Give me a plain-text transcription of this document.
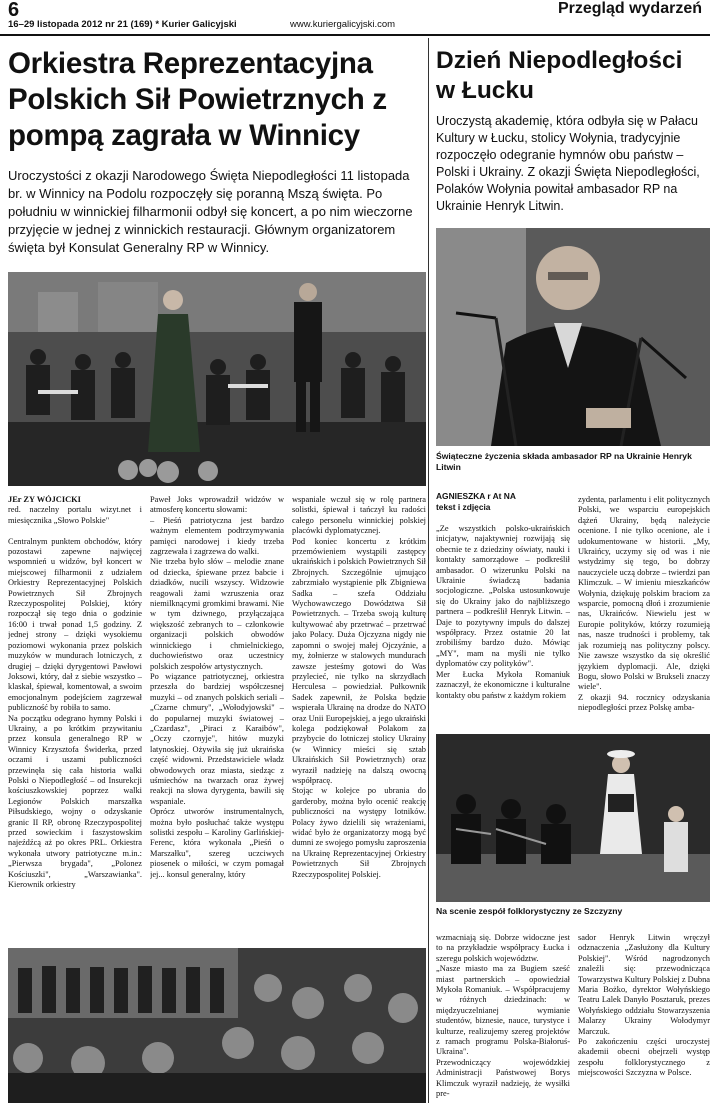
6
16–29 listopada 2012 nr 21 (169) * Kurier Galicyjski	www.kuriergalicyjski.com
Przegląd wydarzeń
Orkiestra Reprezentacyjna Polskich Sił Powietrznych z pompą zagrała w Winnicy
Uroczystości z okazji Narodowego Święta Niepodległości 11 listopada br. w Winnicy na Podolu rozpoczęły się poranną Mszą święta. Po południu w winnickiej filharmonii odbył się koncert, a po nim wieczorne przyjęcie w jednej z winnickich restauracji. Głównym organizatorem święta był Konsulat Generalny RP w Winnicy.
JEr ZY WÓJCICKI
red. naczelny portalu wizyt.net i miesięcznika „Słowo Polskie"

Centralnym punktem obchodów, który pozostawi zapewne najwięcej wspomnień u widzów, był koncert w miejscowej filharmonii z udziałem Orkiestry Reprezentacyjnej Polskich Powietrznych Sił Zbrojnych Rzeczypospolitej Polskiej, który rozpoczął się tego dnia o godzinie 16:00 i trwał ponad 1,5 godziny. Z jednej strony – dzięki wysokiemu poziomowi wykonania przez polskich muzyków w mundurach lotniczych, z drugiej – dzięki dyrygentowi Pawłowi Joksowi, który, dał z siebie wszystko – klaskał, śpiewał, komentował, a swoim emocjonalnym podejściem zagrzewał publiczność by robiła to samo.
Na początku odegrano hymny Polski i Ukrainy, a po krótkim przywitaniu przez konsula generalnego RP w Winnicy Krzysztofa Świderka, przed oczami i uszami publiczności przewinęła się cała historia walki Polski o Niepodległość – od Insurekcji kościuszkowskiej poprzez walki Legionów Polskich marszałka Piłsudskiego, wojny o odzyskanie granic II RP, obronę Rzeczypospolitej przed sowieckim i faszystowskim najeźdźcą aż po okres PRL. Orkiestra wykonała utwory patriotyczne m.in.: „Pierwsza brygada", „Polonez Kościuszki", „Warszawianka". Kierownik orkiestry
Paweł Joks wprowadził widzów w atmosferę koncertu słowami:
– Pieśń patriotyczna jest bardzo ważnym elementem podtrzymywania pamięci narodowej i kiedy trzeba zagrzewała i zagrzewa do walki.
Nie trzeba było słów – melodie znane od dziecka, śpiewane przez babcie i dziadków, nucili wszyscy. Widzowie reagowali żami wzruszenia oraz niemilknącymi gromkimi brawami. Nie w tym dziwnego, przyłączająca większość zebranych to – członkowie organizacji polskich obwodów winnickiego i chmielnickiego, duchowieństwo oraz uczestnicy polskich zespołów artystycznych.
Po wiązance patriotycznej, orkiestra przeszła do bardziej współczesnej muzyki – od znanych polskich seriali – „Czarne chmury", „Wołodyjowski" – do popularnej muzyki światowej – „Czardasz", „Piraci z Karaibów", „Oczy czornyje", hitów muzyki latynoskiej. Ożywiła się już ukraińska część widowni. Przedstawiciele władz obwodowych oraz miasta, siedząc z uśmiechów na twarzach oraz żywej reakcji na słowa dyrygenta, bawili się wspaniale.
Oprócz utworów instrumentalnych, można było posłuchać także występu solistki zespołu – Karoliny Garlińskiej-Ferenc, która wykonała „Pieśń o Marszałku", szereg uczciwych piosenek o miłości, w czym pomagał jej... konsul generalny, który
wspaniale wczuł się w rolę partnera solistki, śpiewał i tańczył ku radości całego personelu winnickiej polskiej placówki dyplomatycznej.
Pod koniec koncertu z krótkim przemówieniem wystąpili zastępcy ukraińskich i polskich Powietrznych Sił Zbrojnych. Szczególnie ujmująco zabrzmiało wystąpienie płk Zbigniewa Sadka – szefa Oddziału Wychowawczego Dowództwa Sił Powietrznych. – Trzeba swoją kulturę kultywować aby przetrwać – przetrwać jako Polacy. Duża Ojczyzna nigdy nie zapomni o swojej małej Ojczyźnie, a my, żołnierze w stalowych mundurach zawsze jesteśmy gotowi do Was przylecieć, nie tylko na skrzydłach Herculesa – powiedział. Pułkownik Sadek zapewnił, że Polska będzie wspierała Ukrainę na drodze do NATO oraz Unii Europejskiej, a jego ukraiński kolega podziękował Polakom za przybycie do lotniczej stolicy Ukrainy (w Winnicy mieści się sztab Ukraińskich Sił Powietrznych) oraz wyraził nadzieję na dalszą owocną współpracę.
Stojąc w kolejce po ubrania do garderoby, można było ocenić reakcję publiczności na występy lotników. Polacy żywo dzielili się wrażeniami, widać było że organizatorzy mogą być dumni ze swojego pomysłu zaproszenia na Ukrainę Reprezentacyjnej Orkiestry Powietrznych Sił Zbrojnych Rzeczypospolitej Polskiej.
Dzień Niepodległości w Łucku
Uroczystą akademię, która odbyła się w Pałacu Kultury w Łucku, stolicy Wołynia, tradycyjnie rozpoczęło odegranie hymnów obu państw – Polski i Ukrainy. Z okazji Święta Niepodległości, Polaków Wołynia powitał ambasador RP na Ukrainie Henryk Litwin.
Świąteczne życzenia składa ambasador RP na Ukrainie Henryk Litwin
AGNIESZKA r At NA
tekst i zdjęcia
„Ze wszystkich polsko-ukraińskich inicjatyw, najaktywniej rozwijają się obecnie te z dziedziny oświaty, nauki i kontakty samorządowe – podkreślił ambasador. O wizerunku Polski na Ukrainie świadczą badania socjologiczne. „Polska ustosunkowuje się do Ukrainy jako do najbliższego partnera – podkreślił Henryk Litwin. – Daje to pozytywny impuls do dalszej współpracy. Przez ostatnie 20 lat zrobiliśmy bardzo dużo. Mówiąc „MY", mam na myśli nie tylko dyplomatów czy polityków".
Mer Łucka Mykoła Romaniuk zaznaczył, że ekonomiczne i kulturalne kontakty obu państw z każdym rokiem
zydenta, parlamentu i elit politycznych Polski, we wsparciu europejskich dążeń Ukrainy, będą należycie ocenione. I nie tylko ocenione, ale i udokumentowane w historii. „My, Ukraińcy, uczymy się od was i nie wstydzimy się tego, bo dobrzy nauczyciele uczą dobrze – twierdzi pan Klimczuk. – W imieniu mieszkańców Wołynia, dziękuję polskim braciom za wsparcie, pomocną dłoń i zrozumienie nas, Ukraińców. Niewielu jest w Europie polityków, którzy rozumieją nas, nasze trudności i problemy, tak jak rozumieją nas polityczny polscy. Nie zawsze wszystko da się określić językiem dyplomacji. Ale, dzięki Bogu, słowo Polski w Brukseli znaczy wiele".
Z okazji 94. rocznicy odzyskania niepodległości przez Polskę amba-
Na scenie zespół folklorystyczny ze Szczyzny
wzmacniają się. Dobrze widoczne jest to na przykładzie współpracy Łucka i szeregu polskich województw.
„Nasze miasto ma za Bugiem sześć miast partnerskich – opowiedział Mykoła Romaniuk. – Współpracujemy w różnych dziedzinach: w międzyuczelnianej wymianie studentów, biznesie, nauce, turystyce i kulturze, realizujemy szereg projektów z ramach programu Polska-Białoruś-Ukraina".
Przewodniczący wojewódzkiej Administracji Państwowej Borys Klimczuk wyraził nadzieję, że wysiłki pre-
sador Henryk Litwin wręczył odznaczenia „Zasłużony dla Kultury Polskiej". Wśród nagrodzonych znaleźli się: przewodnicząca Towarzystwa Kultury Polskiej z Dubna Maria Bożko, dyrektor Wołyńskiego Teatru Lalek Danyło Posztaruk, prezes Wołyńskiego oddziału Stowarzyszenia Malarzy Ukrainy Wołodymyr Marczuk.
Po zakończeniu części uroczystej akademii obecni obejrzeli występ zespołu folklorystycznego z miejscowości Szczyzna w Polsce.
